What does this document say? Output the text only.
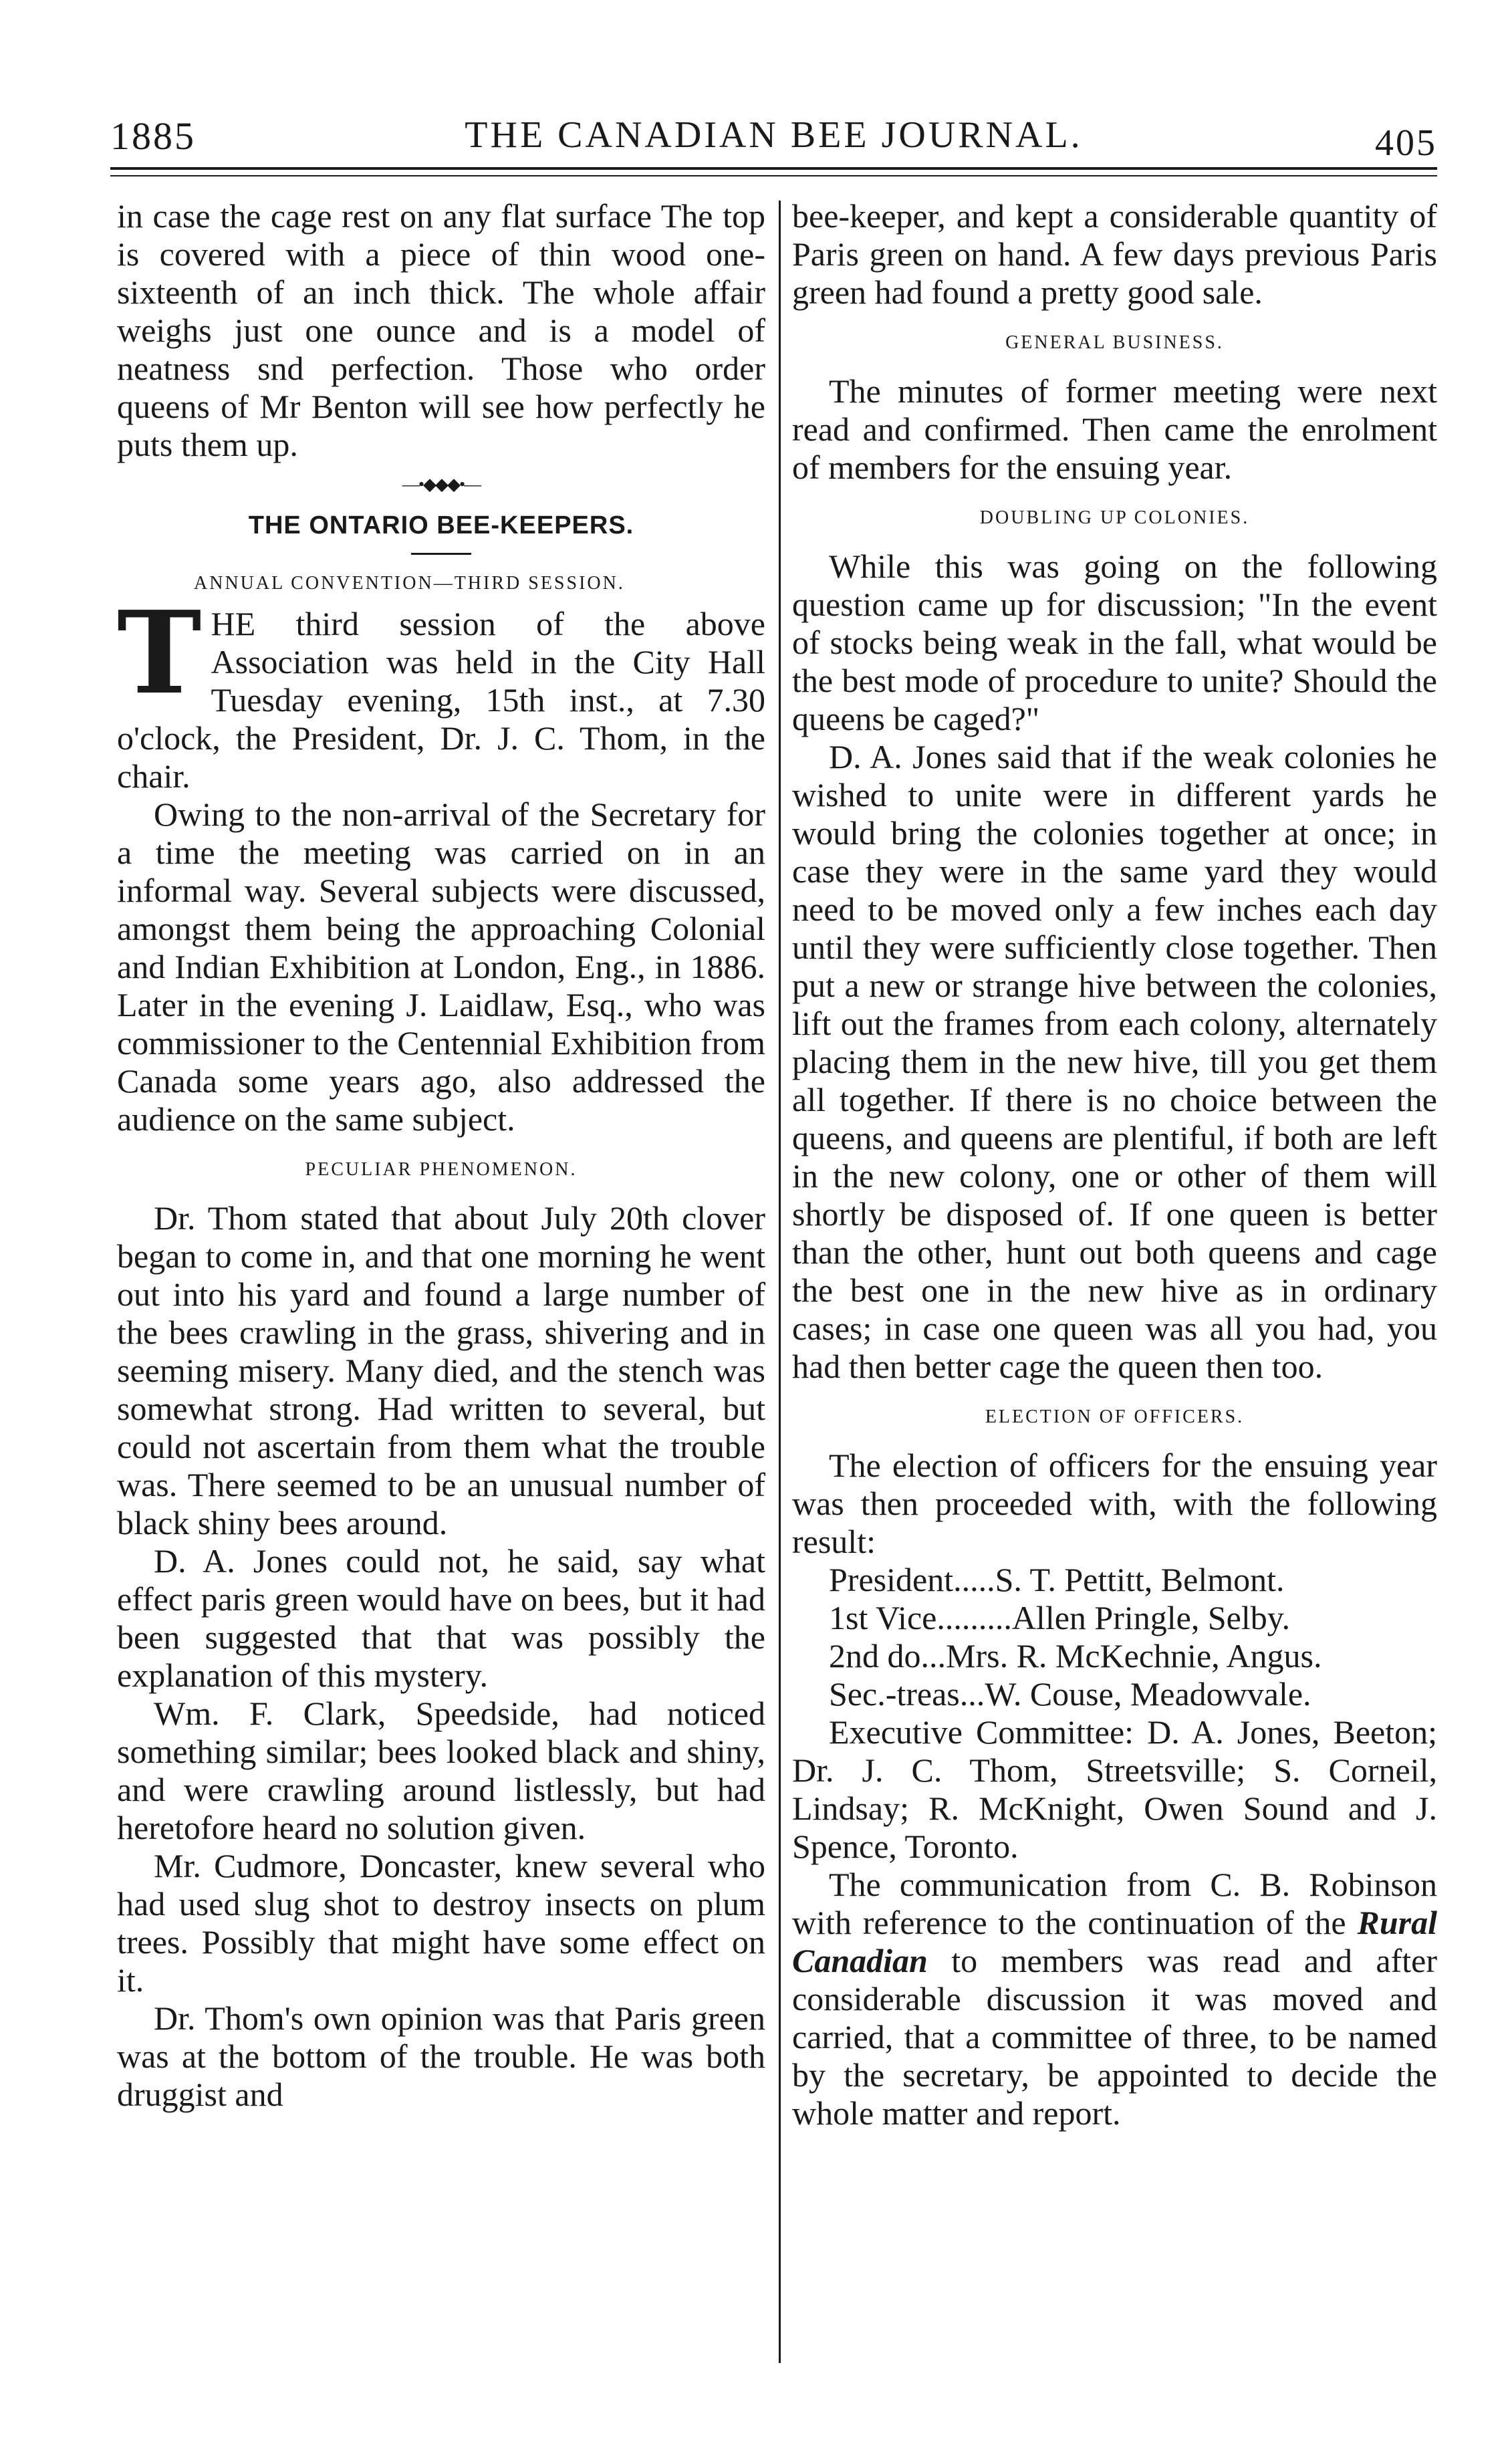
1885	THE CANADIAN BEE JOURNAL.	405

in case the cage rest on any flat surface The top is covered with a piece of thin wood one-sixteenth of an inch thick. The whole affair weighs just one ounce and is a model of neatness snd perfection. Those who order queens of Mr Benton will see how perfectly he puts them up.

—•◆◆◆•—
THE ONTARIO BEE-KEEPERS.
ANNUAL CONVENTION—THIRD SESSION.

THE third session of the above Association was held in the City Hall Tuesday evening, 15th inst., at 7.30 o'clock, the President, Dr. J. C. Thom, in the chair.

Owing to the non-arrival of the Secretary for a time the meeting was carried on in an informal way. Several subjects were discussed, amongst them being the approaching Colonial and Indian Exhibition at London, Eng., in 1886. Later in the evening J. Laidlaw, Esq., who was commissioner to the Centennial Exhibition from Canada some years ago, also addressed the audience on the same subject.

PECULIAR PHENOMENON.

Dr. Thom stated that about July 20th clover began to come in, and that one morning he went out into his yard and found a large number of the bees crawling in the grass, shivering and in seeming misery. Many died, and the stench was somewhat strong. Had written to several, but could not ascertain from them what the trouble was. There seemed to be an unusual number of black shiny bees around.

D. A. Jones could not, he said, say what effect paris green would have on bees, but it had been suggested that that was possibly the explanation of this mystery.

Wm. F. Clark, Speedside, had noticed something similar; bees looked black and shiny, and were crawling around listlessly, but had heretofore heard no solution given.

Mr. Cudmore, Doncaster, knew several who had used slug shot to destroy insects on plum trees. Possibly that might have some effect on it.

Dr. Thom's own opinion was that Paris green was at the bottom of the trouble. He was both druggist and

bee-keeper, and kept a considerable quantity of Paris green on hand. A few days previous Paris green had found a pretty good sale.

GENERAL BUSINESS.

The minutes of former meeting were next read and confirmed. Then came the enrolment of members for the ensuing year.

DOUBLING UP COLONIES.

While this was going on the following question came up for discussion; "In the event of stocks being weak in the fall, what would be the best mode of procedure to unite? Should the queens be caged?"

D. A. Jones said that if the weak colonies he wished to unite were in different yards he would bring the colonies together at once; in case they were in the same yard they would need to be moved only a few inches each day until they were sufficiently close together. Then put a new or strange hive between the colonies, lift out the frames from each colony, alternately placing them in the new hive, till you get them all together. If there is no choice between the queens, and queens are plentiful, if both are left in the new colony, one or other of them will shortly be disposed of. If one queen is better than the other, hunt out both queens and cage the best one in the new hive as in ordinary cases; in case one queen was all you had, you had then better cage the queen then too.

ELECTION OF OFFICERS.

The election of officers for the ensuing year was then proceeded with, with the following result:

President.....S. T. Pettitt, Belmont.
1st Vice.........Allen Pringle, Selby.
2nd do...Mrs. R. McKechnie, Angus.
Sec.-treas...W. Couse, Meadowvale.

Executive Committee: D. A. Jones, Beeton; Dr. J. C. Thom, Streetsville; S. Corneil, Lindsay; R. McKnight, Owen Sound and J. Spence, Toronto.

The communication from C. B. Robinson with reference to the continuation of the Rural Canadian to members was read and after considerable discussion it was moved and carried, that a committee of three, to be named by the secretary, be appointed to decide the whole matter and report.
